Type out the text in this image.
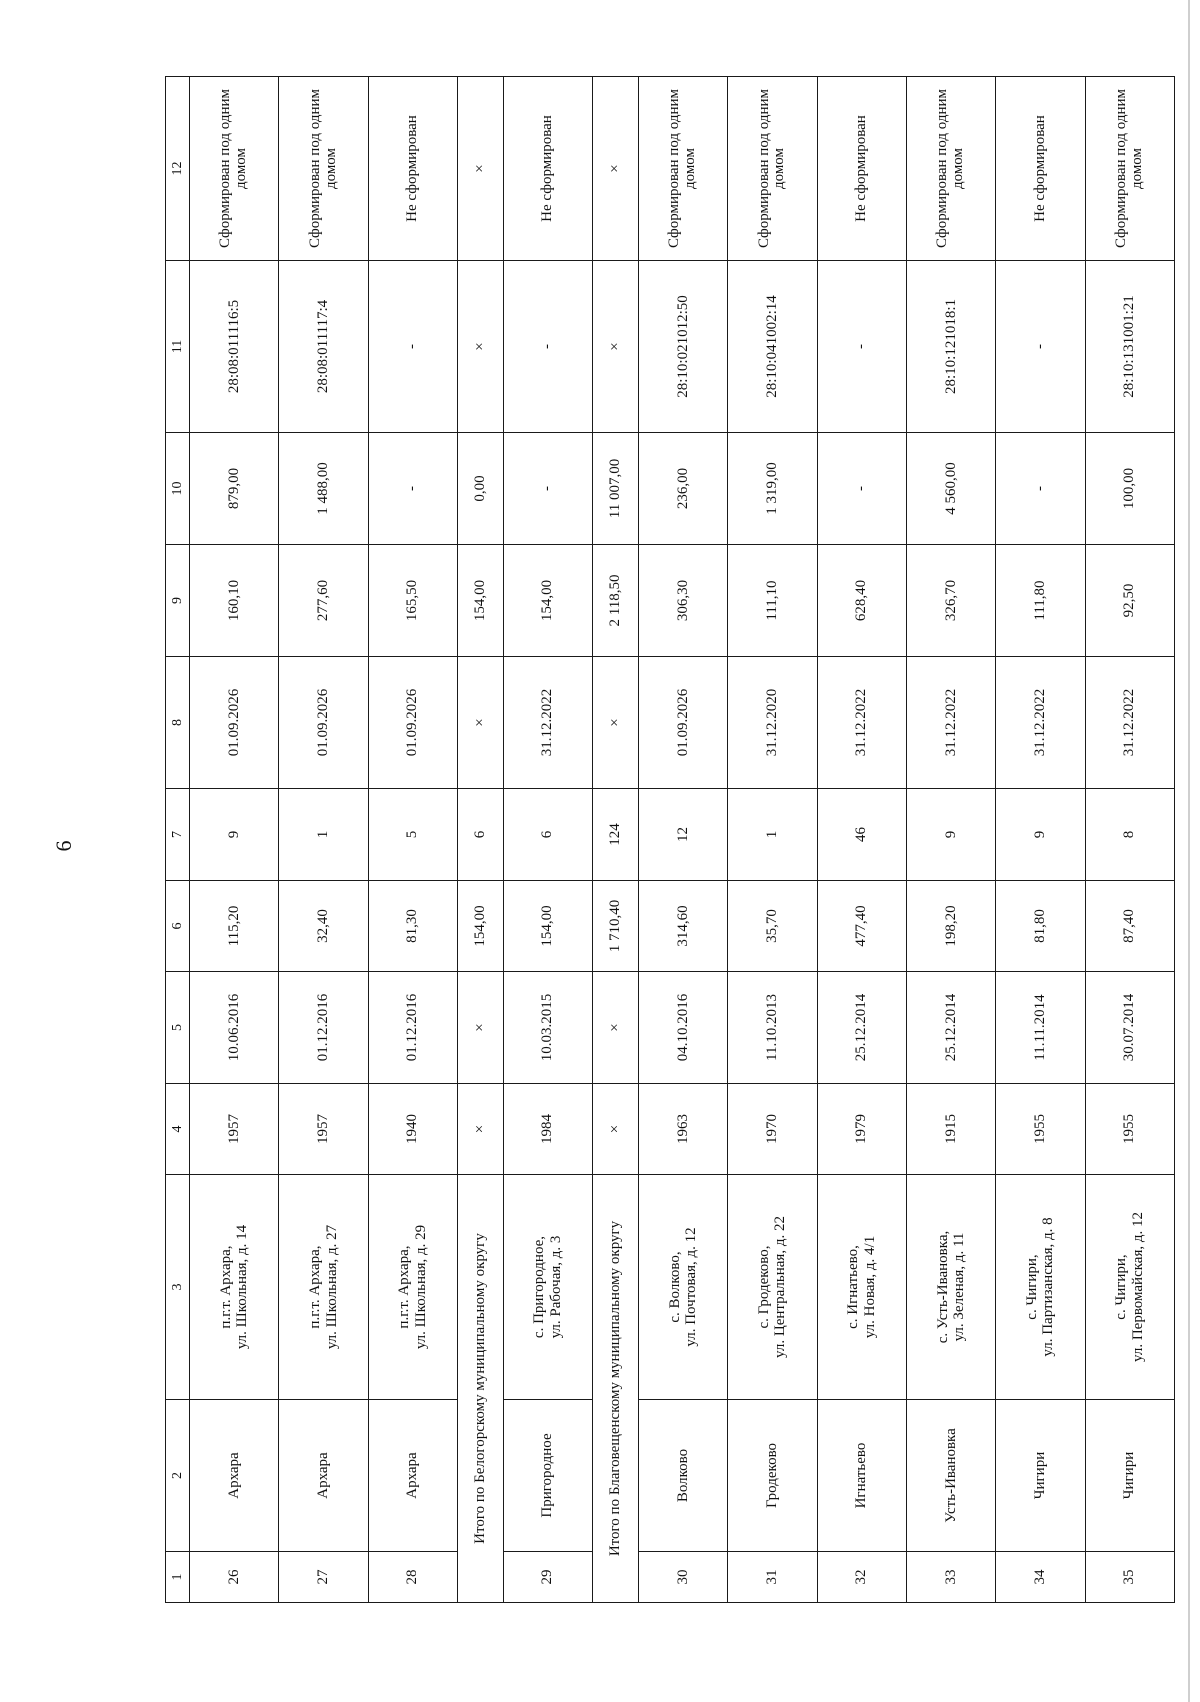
6
1	2	3	4	5	6	7	8	9	10	11	12
26	Архара	п.г.т. Архара, ул. Школьная, д. 14	1957	10.06.2016	115,20	9	01.09.2026	160,10	879,00	28:08:011116:5	Сформирован под одним домом
27	Архара	п.г.т. Архара, ул. Школьная, д. 27	1957	01.12.2016	32,40	1	01.09.2026	277,60	1 488,00	28:08:011117:4	Сформирован под одним домом
28	Архара	п.г.т. Архара, ул. Школьная, д. 29	1940	01.12.2016	81,30	5	01.09.2026	165,50	-	-	Не сформирован
Итого по Белогорскому муниципальному округу			×	×	154,00	6	×	154,00	0,00	×	×
29	Пригородное	с. Пригородное, ул. Рабочая, д. 3	1984	10.03.2015	154,00	6	31.12.2022	154,00	-	-	Не сформирован
Итого по Благовещенскому муниципальному округу			×	×	1 710,40	124	×	2 118,50	11 007,00	×	×
30	Волково	с. Волково, ул. Почтовая, д. 12	1963	04.10.2016	314,60	12	01.09.2026	306,30	236,00	28:10:021012:50	Сформирован под одним домом
31	Гродеково	с. Гродеково, ул. Центральная, д. 22	1970	11.10.2013	35,70	1	31.12.2020	111,10	1 319,00	28:10:041002:14	Сформирован под одним домом
32	Игнатьево	с. Игнатьево, ул. Новая, д. 4/1	1979	25.12.2014	477,40	46	31.12.2022	628,40	-	-	Не сформирован
33	Усть-Ивановка	с. Усть-Ивановка, ул. Зеленая, д. 11	1915	25.12.2014	198,20	9	31.12.2022	326,70	4 560,00	28:10:121018:1	Сформирован под одним домом
34	Чигири	с. Чигири, ул. Партизанская, д. 8	1955	11.11.2014	81,80	9	31.12.2022	111,80	-	-	Не сформирован
35	Чигири	с. Чигири, ул. Первомайская, д. 12	1955	30.07.2014	87,40	8	31.12.2022	92,50	100,00	28:10:131001:21	Сформирован под одним домом
